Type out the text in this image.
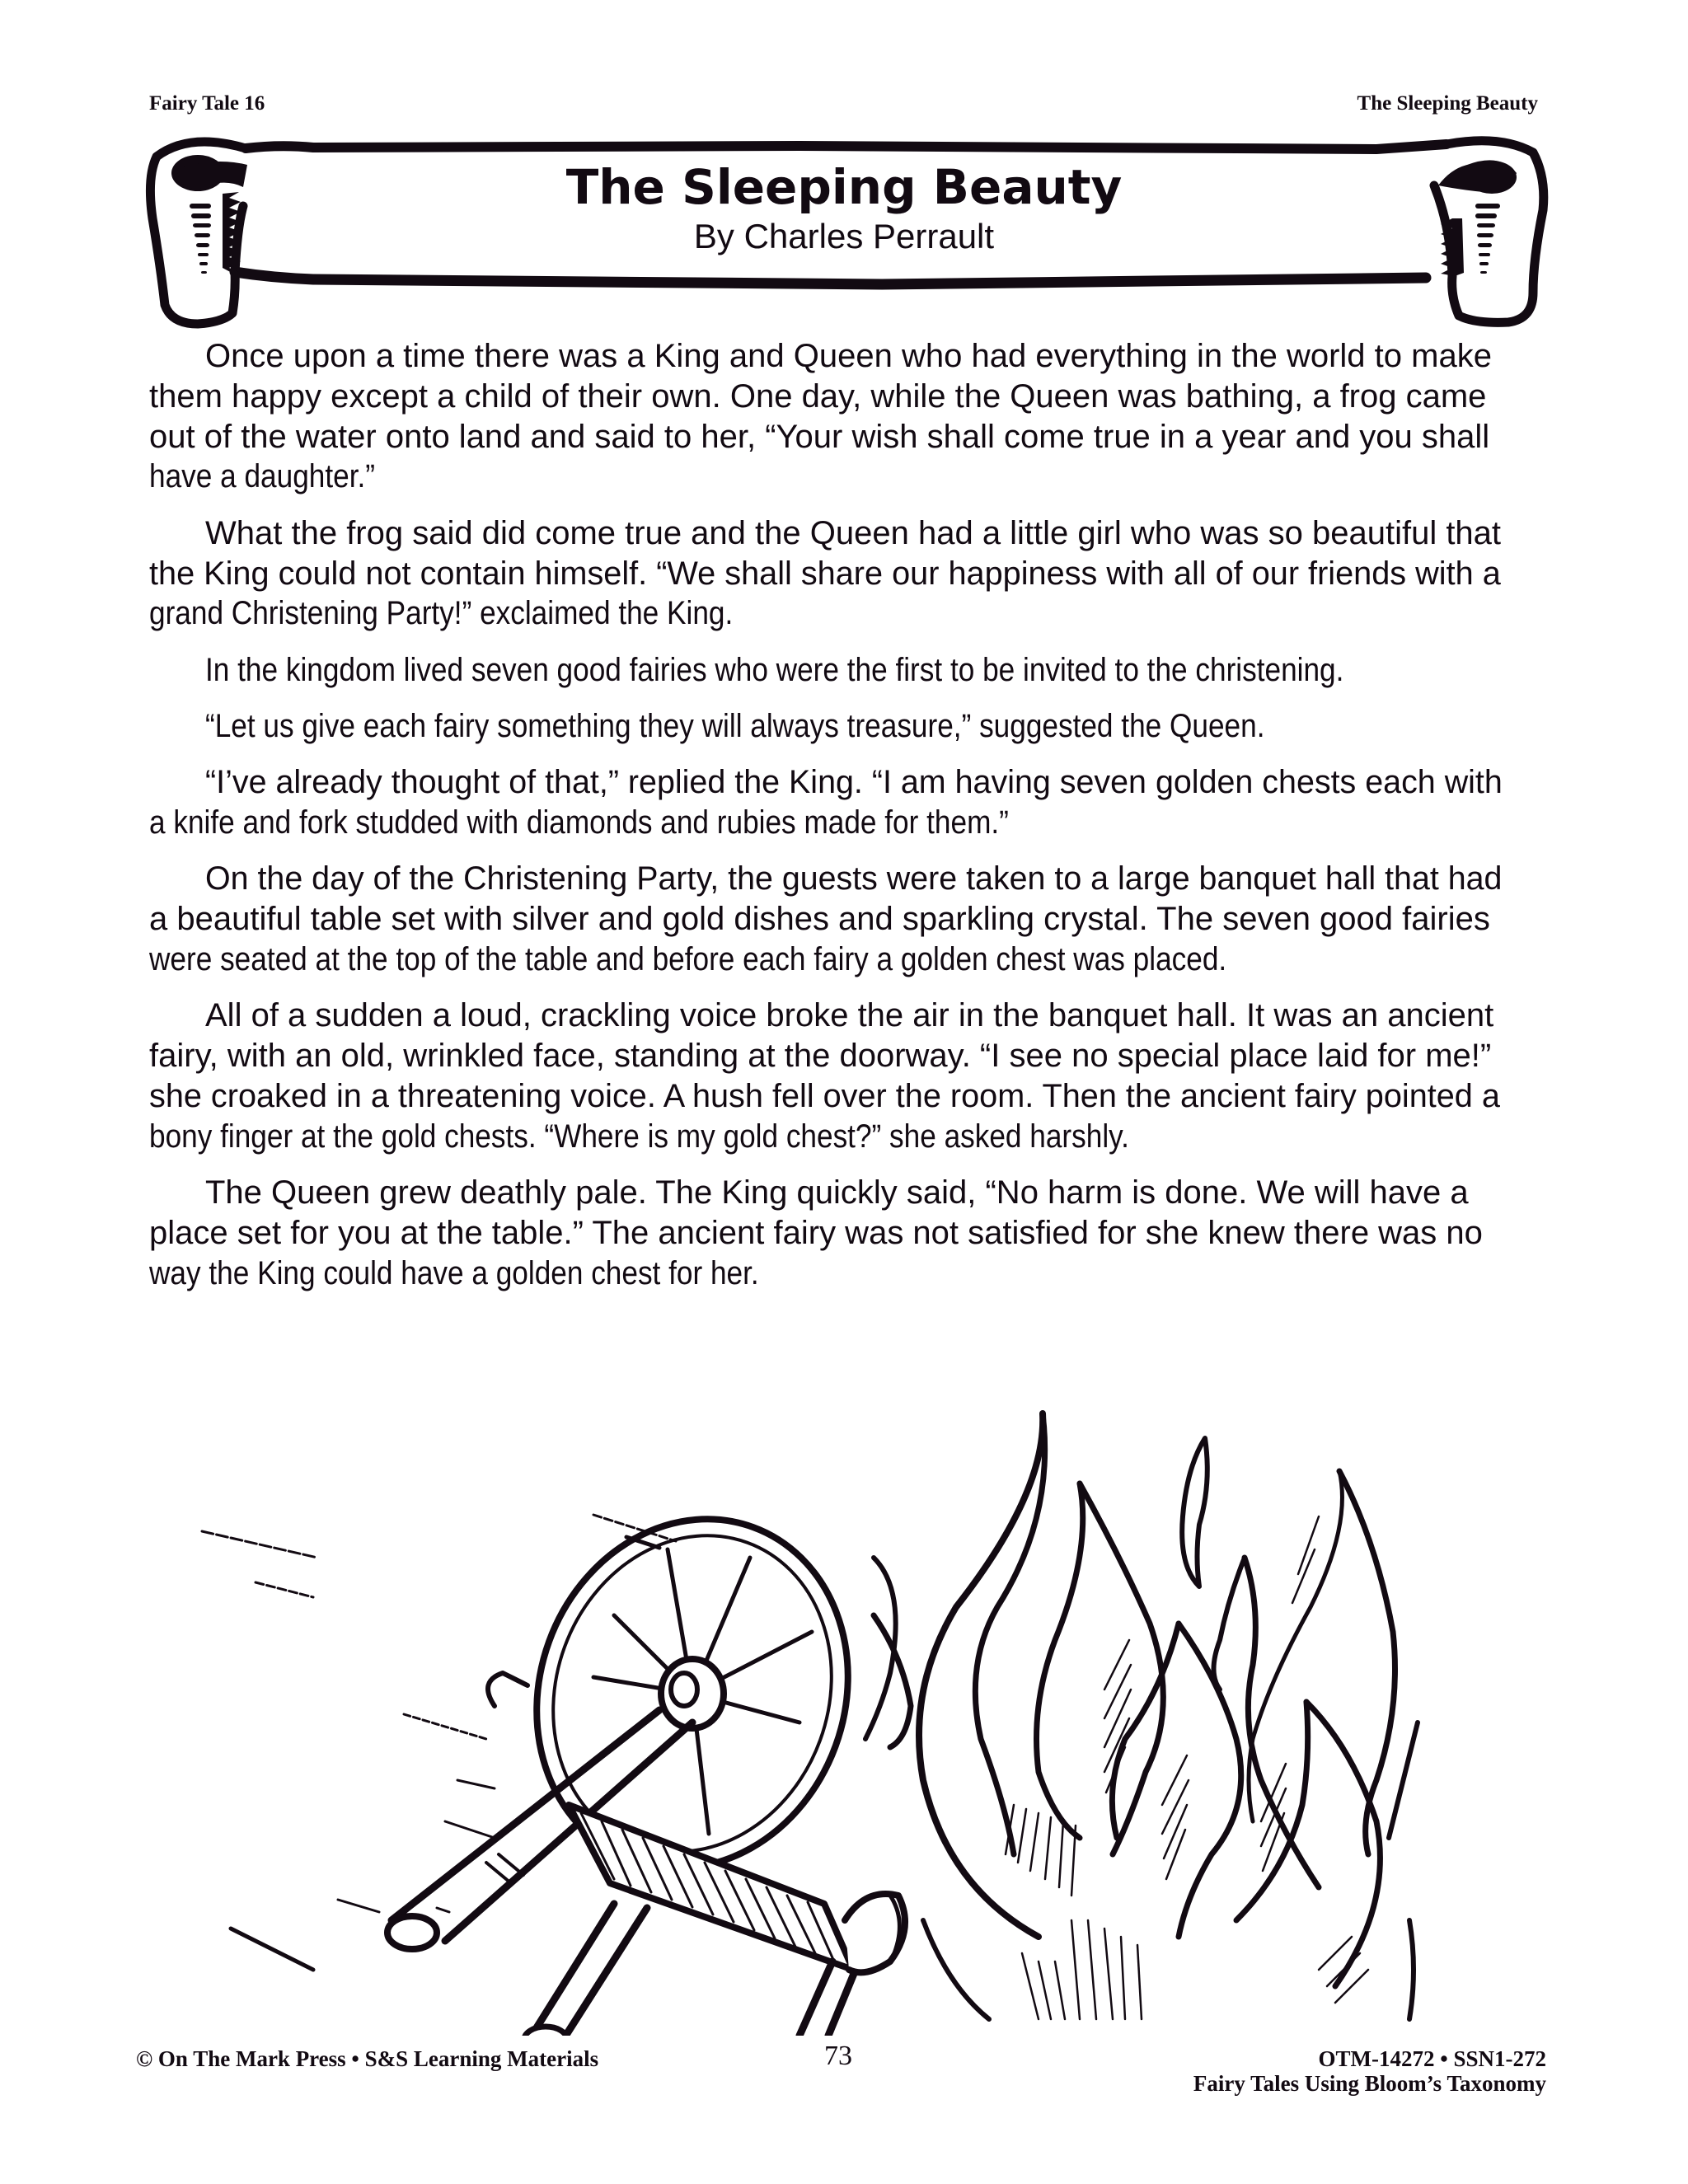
Fairy Tale 16	The Sleeping Beauty
The Sleeping Beauty
By Charles Perrault
Once upon a time there was a King and Queen who had everything in the world to make
them happy except a child of their own. One day, while the Queen was bathing, a frog came
out of the water onto land and said to her, “Your wish shall come true in a year and you shall
have a daughter.”
What the frog said did come true and the Queen had a little girl who was so beautiful that
the King could not contain himself. “We shall share our happiness with all of our friends with a
grand Christening Party!” exclaimed the King.
In the kingdom lived seven good fairies who were the first to be invited to the christening.
“Let us give each fairy something they will always treasure,” suggested the Queen.
“I’ve already thought of that,” replied the King. “I am having seven golden chests each with
a knife and fork studded with diamonds and rubies made for them.”
On the day of the Christening Party, the guests were taken to a large banquet hall that had
a beautiful table set with silver and gold dishes and sparkling crystal. The seven good fairies
were seated at the top of the table and before each fairy a golden chest was placed.
All of a sudden a loud, crackling voice broke the air in the banquet hall. It was an ancient
fairy, with an old, wrinkled face, standing at the doorway. “I see no special place laid for me!”
she croaked in a threatening voice. A hush fell over the room. Then the ancient fairy pointed a
bony finger at the gold chests. “Where is my gold chest?” she asked harshly.
The Queen grew deathly pale. The King quickly said, “No harm is done. We will have a
place set for you at the table.” The ancient fairy was not satisfied for she knew there was no
way the King could have a golden chest for her.
© On The Mark Press • S&S Learning Materials	73	OTM-14272 • SSN1-272
Fairy Tales Using Bloom’s Taxonomy
